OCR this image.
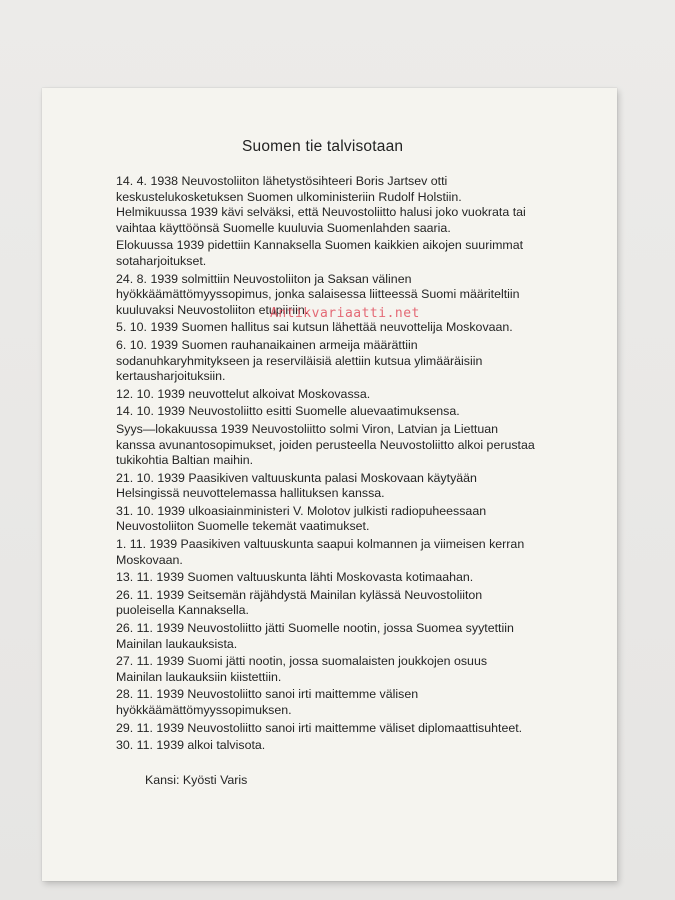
Suomen tie talvisotaan

14. 4. 1938 Neuvostoliiton lähetystösihteeri Boris Jartsev otti keskustelukosketuksen Suomen ulkoministeriin Rudolf Holstiin. Helmikuussa 1939 kävi selväksi, että Neuvostoliitto halusi joko vuokrata tai vaihtaa käyttöönsä Suomelle kuuluvia Suomenlahden saaria.

Elokuussa 1939 pidettiin Kannaksella Suomen kaikkien aikojen suurimmat sotaharjoitukset.

24. 8. 1939 solmittiin Neuvostoliiton ja Saksan välinen hyökkäämättömyyssopimus, jonka salaisessa liitteessä Suomi määriteltiin kuuluvaksi Neuvostoliiton etupiiriin.

5. 10. 1939 Suomen hallitus sai kutsun lähettää neuvottelija Moskovaan.

6. 10. 1939 Suomen rauhanaikainen armeija määrättiin sodanuhkaryhmitykseen ja reserviläisiä alettiin kutsua ylimääräisiin kertausharjoituksiin.

12. 10. 1939 neuvottelut alkoivat Moskovassa.

14. 10. 1939 Neuvostoliitto esitti Suomelle aluevaatimuksensa.

Syys—lokakuussa 1939 Neuvostoliitto solmi Viron, Latvian ja Liettuan kanssa avunantosopimukset, joiden perusteella Neuvostoliitto alkoi perustaa tukikohtia Baltian maihin.

21. 10. 1939 Paasikiven valtuuskunta palasi Moskovaan käytyään Helsingissä neuvottelemassa hallituksen kanssa.

31. 10. 1939 ulkoasiainministeri V. Molotov julkisti radiopuheessaan Neuvostoliiton Suomelle tekemät vaatimukset.

1. 11. 1939 Paasikiven valtuuskunta saapui kolmannen ja viimeisen kerran Moskovaan.

13. 11. 1939 Suomen valtuuskunta lähti Moskovasta kotimaahan.

26. 11. 1939 Seitsemän räjähdystä Mainilan kylässä Neuvostoliiton puoleisella Kannaksella.

26. 11. 1939 Neuvostoliitto jätti Suomelle nootin, jossa Suomea syytettiin Mainilan laukauksista.

27. 11. 1939 Suomi jätti nootin, jossa suomalaisten joukkojen osuus Mainilan laukauksiin kiistettiin.

28. 11. 1939 Neuvostoliitto sanoi irti maittemme välisen hyökkäämättömyyssopimuksen.

29. 11. 1939 Neuvostoliitto sanoi irti maittemme väliset diplomaattisuhteet.

30. 11. 1939 alkoi talvisota.

Kansi: Kyösti Varis
Antikvariaatti.net
